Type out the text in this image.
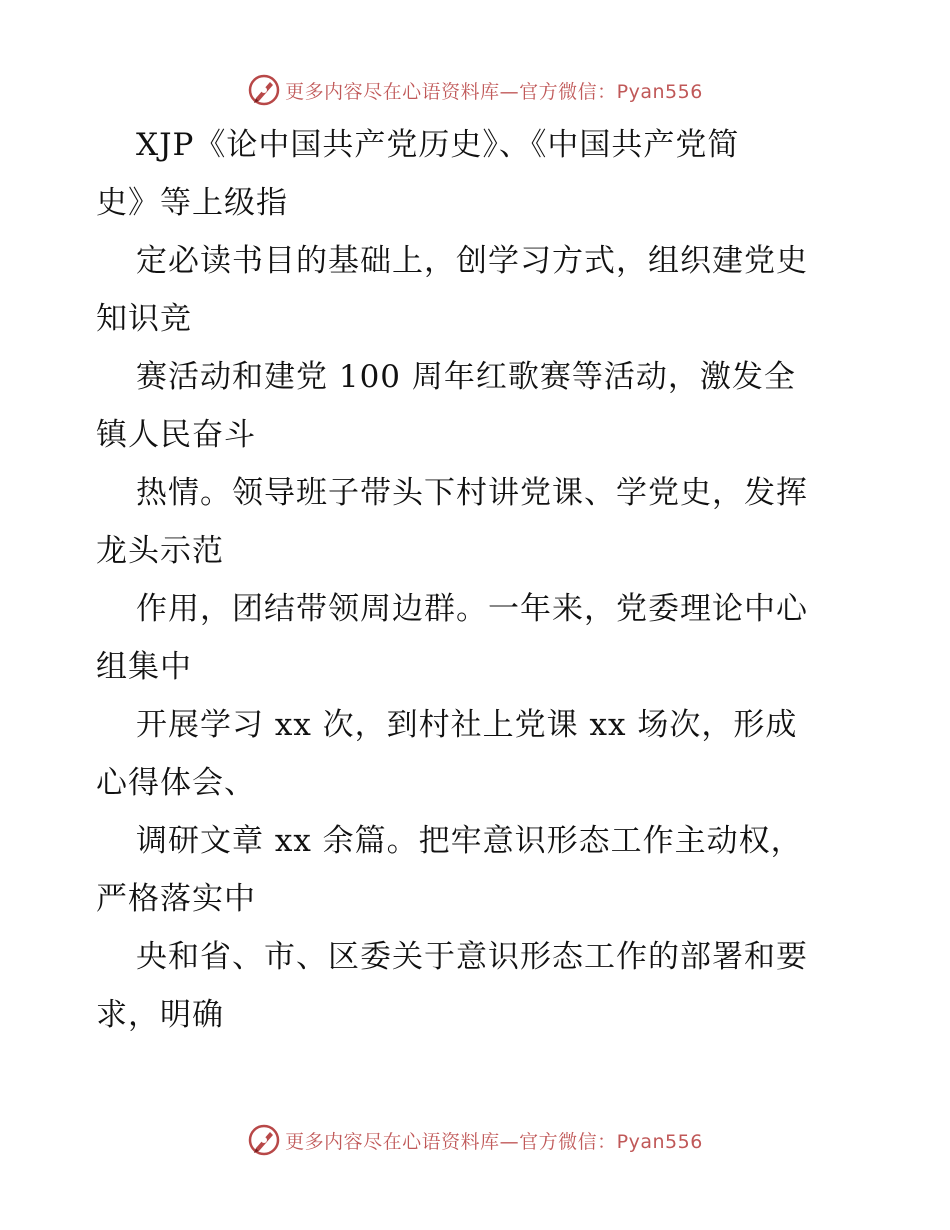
更多内容尽在心语资料库—官方微信：Pyan556
XJP《论中国共产党历史》、《中国共产党简
史》等上级指
定必读书目的基础上，创学习方式，组织建党史
知识竞
赛活动和建党 100 周年红歌赛等活动，激发全
镇人民奋斗
热情。领导班子带头下村讲党课、学党史，发挥
龙头示范
作用，团结带领周边群。一年来，党委理论中心
组集中
开展学习 xx 次，到村社上党课 xx 场次，形成
心得体会、
调研文章 xx 余篇。把牢意识形态工作主动权，
严格落实中
央和省、市、区委关于意识形态工作的部署和要
求，明确
更多内容尽在心语资料库—官方微信：Pyan556
